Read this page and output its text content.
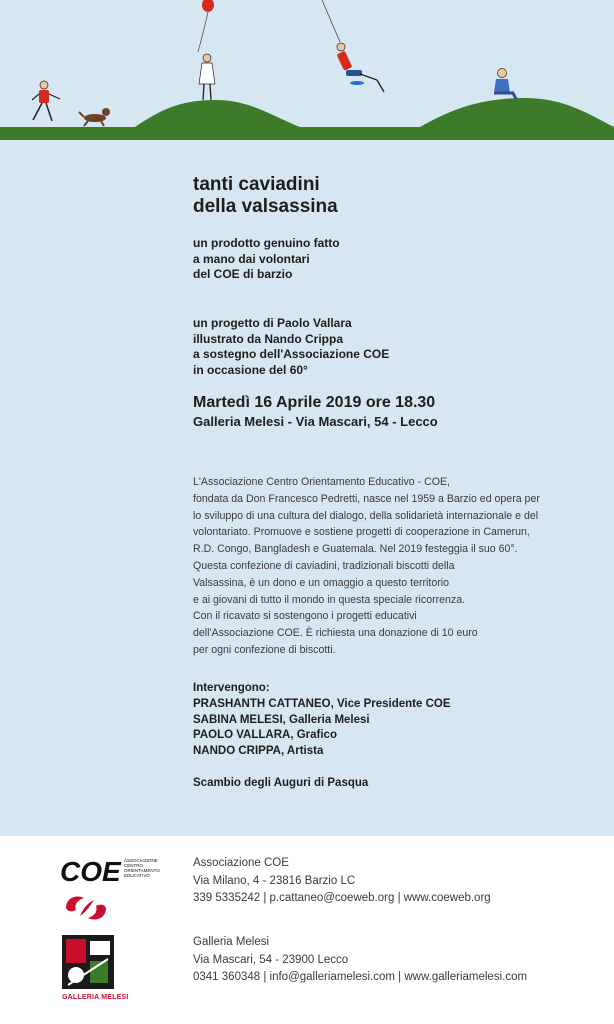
tanti caviadini
della valsassina
un prodotto genuino fatto
a mano dai volontari
del COE di barzio
un progetto di Paolo Vallara
illustrato da Nando Crippa
a sostegno dell'Associazione COE
in occasione del 60°
Martedì 16 Aprile 2019 ore 18.30
Galleria Melesi - Via Mascari, 54 - Lecco
L'Associazione Centro Orientamento Educativo - COE,
fondata da Don Francesco Pedretti, nasce nel 1959 a Barzio ed opera per
lo sviluppo di una cultura del dialogo, della solidarietà internazionale e del
volontariato. Promuove e sostiene progetti di cooperazione in Camerun,
R.D. Congo, Bangladesh e Guatemala. Nel 2019 festeggia il suo 60°.
Questa confezione di caviadini, tradizionali biscotti della
Valsassina, è un dono e un omaggio a questo territorio
e ai giovani di tutto il mondo in questa speciale ricorrenza.
Con il ricavato si sostengono i progetti educativi
dell'Associazione COE. È richiesta una donazione di 10 euro
per ogni confezione di biscotti.
Intervengono:
PRASHANTH CATTANEO, Vice Presidente COE
SABINA MELESI, Galleria Melesi
PAOLO VALLARA, Grafico
NANDO CRIPPA, Artista
Scambio degli Auguri di Pasqua
COE ASSOCIAZIONE
CENTRO
ORIENTAMENTO
EDUCATIVO
GALLERIA MELESI
Associazione COE
Via Milano, 4 - 23816 Barzio LC
339 5335242 | p.cattaneo@coeweb.org | www.coeweb.org
Galleria Melesi
Via Mascari, 54 - 23900 Lecco
0341 360348 | info@galleriamelesi.com | www.galleriamelesi.com
